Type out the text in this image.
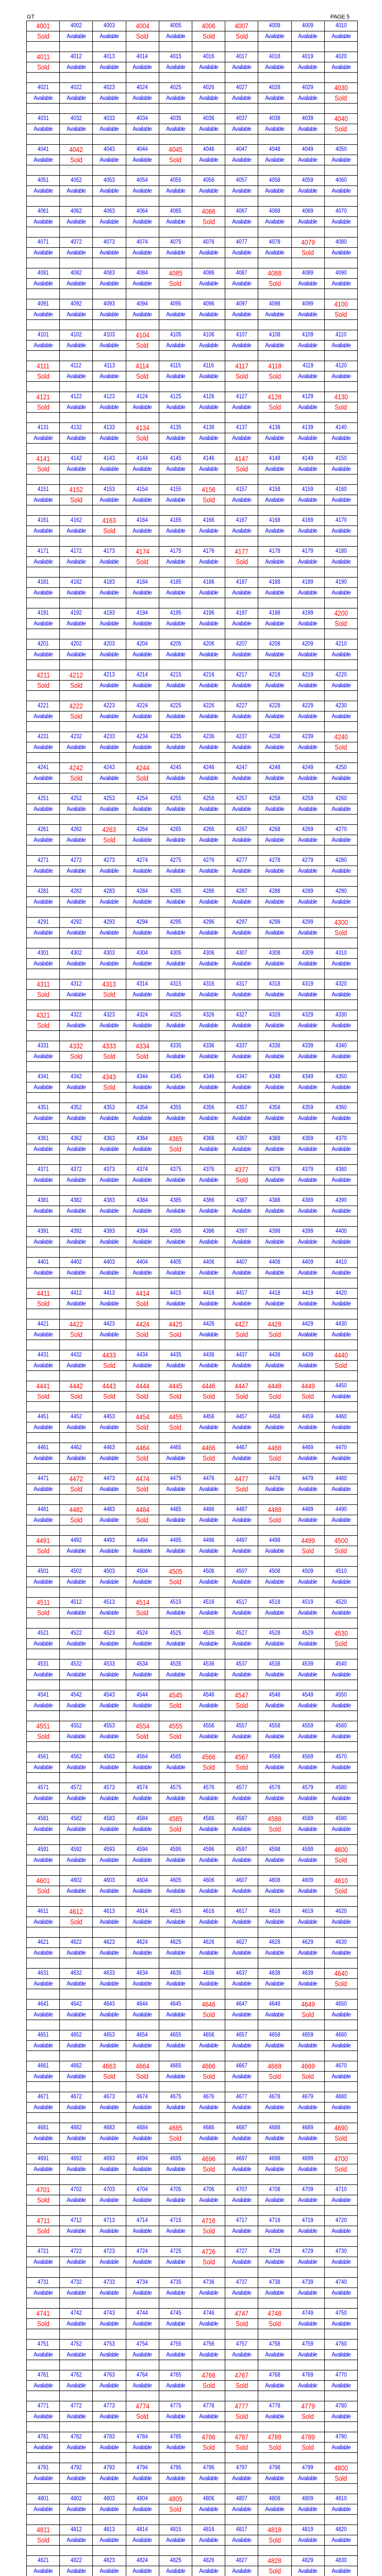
GT	PAGE 5
4001	4002	4003	4004	4005	4006	4007	4008	4009	4010
Sold	Available	Available	Sold	Available	Sold	Sold	Available	Available	Available

4011	4012	4013	4014	4015	4016	4017	4018	4019	4020
Sold	Available	Available	Available	Available	Available	Available	Available	Available	Available

4021	4022	4023	4024	4025	4026	4027	4028	4029	4030
Available	Available	Available	Available	Available	Available	Available	Available	Available	Sold

4031	4032	4033	4034	4035	4036	4037	4038	4039	4040
Available	Available	Available	Available	Available	Available	Available	Available	Available	Sold

4041	4042	4043	4044	4045	4046	4047	4048	4049	4050
Available	Sold	Available	Available	Sold	Available	Available	Available	Available	Available

4051	4052	4053	4054	4055	4056	4057	4058	4059	4060
Available	Available	Available	Available	Available	Available	Available	Available	Available	Available

4061	4062	4063	4064	4065	4066	4067	4068	4069	4070
Available	Available	Available	Available	Available	Sold	Available	Available	Available	Available

4071	4072	4073	4074	4075	4076	4077	4078	4079	4080
Available	Available	Available	Available	Available	Available	Available	Available	Sold	Available

4081	4082	4083	4084	4085	4086	4087	4088	4089	4090
Available	Available	Available	Available	Sold	Available	Available	Sold	Available	Available

4091	4092	4093	4094	4095	4096	4097	4098	4099	4100
Available	Available	Available	Available	Available	Available	Available	Available	Available	Sold

4101	4102	4103	4104	4105	4106	4107	4108	4109	4110
Available	Available	Available	Sold	Available	Available	Available	Available	Available	Available

4111	4112	4113	4114	4115	4116	4117	4118	4119	4120
Sold	Available	Available	Sold	Available	Available	Sold	Sold	Available	Available

4121	4122	4123	4124	4125	4126	4127	4128	4129	4130
Sold	Available	Available	Available	Available	Available	Available	Sold	Available	Sold

4131	4132	4133	4134	4135	4136	4137	4138	4139	4140
Available	Available	Available	Sold	Available	Available	Available	Available	Available	Available

4141	4142	4143	4144	4145	4146	4147	4148	4149	4150
Sold	Available	Available	Available	Available	Available	Sold	Available	Available	Available

4151	4152	4153	4154	4155	4156	4157	4158	4159	4160
Available	Sold	Available	Available	Available	Sold	Available	Available	Available	Available

4161	4162	4163	4164	4165	4166	4167	4168	4169	4170
Available	Available	Sold	Available	Available	Available	Available	Available	Available	Available

4171	4172	4173	4174	4175	4176	4177	4178	4179	4180
Available	Available	Available	Sold	Available	Available	Sold	Available	Available	Available

4181	4182	4183	4184	4185	4186	4187	4188	4189	4190
Available	Available	Available	Available	Available	Available	Available	Available	Available	Available

4191	4192	4193	4194	4195	4196	4197	4198	4199	4200
Available	Available	Available	Available	Available	Available	Available	Available	Available	Sold

4201	4202	4203	4204	4205	4206	4207	4208	4209	4210
Available	Available	Available	Available	Available	Available	Available	Available	Available	Available

4211	4212	4213	4214	4215	4216	4217	4218	4219	4220
Sold	Sold	Available	Available	Available	Available	Available	Available	Available	Available

4221	4222	4223	4224	4225	4226	4227	4228	4229	4230
Available	Sold	Available	Available	Available	Available	Available	Available	Available	Available

4231	4232	4233	4234	4235	4236	4237	4238	4239	4240
Available	Available	Available	Available	Available	Available	Available	Available	Available	Sold

4241	4242	4243	4244	4245	4246	4247	4248	4249	4250
Available	Sold	Available	Sold	Available	Available	Available	Available	Available	Available

4251	4252	4253	4254	4255	4256	4257	4258	4259	4260
Available	Available	Available	Available	Available	Available	Available	Available	Available	Available

4261	4262	4263	4264	4265	4266	4267	4268	4269	4270
Available	Available	Sold	Available	Available	Available	Available	Available	Available	Available

4271	4272	4273	4274	4275	4276	4277	4278	4279	4280
Available	Available	Available	Available	Available	Available	Available	Available	Available	Available

4281	4282	4283	4284	4285	4286	4287	4288	4289	4290
Available	Available	Available	Available	Available	Available	Available	Available	Available	Available

4291	4292	4293	4294	4295	4296	4297	4298	4299	4300
Available	Available	Available	Available	Available	Available	Available	Available	Available	Sold

4301	4302	4303	4304	4305	4306	4307	4308	4309	4310
Available	Available	Available	Available	Available	Available	Available	Available	Available	Available

4311	4312	4313	4314	4315	4316	4317	4318	4319	4320
Sold	Available	Sold	Available	Available	Available	Available	Available	Available	Available

4321	4322	4323	4324	4325	4326	4327	4328	4329	4330
Sold	Available	Available	Available	Available	Available	Available	Available	Available	Available

4331	4332	4333	4334	4335	4336	4337	4338	4339	4340
Available	Sold	Sold	Sold	Available	Available	Available	Available	Available	Available

4341	4342	4343	4344	4345	4346	4347	4348	4349	4350
Available	Available	Sold	Available	Available	Available	Available	Available	Available	Available

4351	4352	4353	4354	4355	4356	4357	4358	4359	4360
Available	Available	Available	Available	Available	Available	Available	Available	Available	Available

4361	4362	4363	4364	4365	4366	4367	4368	4369	4370
Available	Available	Available	Available	Sold	Available	Available	Available	Available	Available

4371	4372	4373	4374	4375	4376	4377	4378	4379	4380
Available	Available	Available	Available	Available	Available	Sold	Available	Available	Available

4381	4382	4383	4384	4385	4386	4387	4388	4389	4390
Available	Available	Available	Available	Available	Available	Available	Available	Available	Available

4391	4392	4393	4394	4395	4396	4397	4398	4399	4400
Available	Available	Available	Available	Available	Available	Available	Available	Available	Available

4401	4402	4403	4404	4405	4406	4407	4408	4409	4410
Available	Available	Available	Available	Available	Available	Available	Available	Available	Available

4411	4412	4413	4414	4415	4416	4417	4418	4419	4420
Sold	Available	Available	Sold	Available	Available	Available	Available	Available	Available

4421	4422	4423	4424	4425	4426	4427	4428	4429	4430
Available	Sold	Available	Sold	Sold	Available	Sold	Sold	Available	Available

4431	4432	4433	4434	4435	4436	4437	4438	4439	4440
Available	Available	Sold	Available	Available	Available	Available	Available	Available	Sold

4441	4442	4443	4444	4445	4446	4447	4448	4449	4450
Sold	Sold	Sold	Sold	Sold	Sold	Sold	Sold	Sold	Available

4451	4452	4453	4454	4455	4456	4457	4458	4459	4460
Available	Available	Available	Sold	Sold	Available	Available	Available	Available	Available

4461	4462	4463	4464	4465	4466	4467	4468	4469	4470
Available	Available	Available	Sold	Available	Sold	Available	Sold	Available	Available

4471	4472	4473	4474	4475	4476	4477	4478	4479	4480
Available	Sold	Available	Sold	Available	Available	Sold	Available	Available	Available

4481	4482	4483	4484	4485	4486	4487	4488	4489	4490
Available	Sold	Available	Sold	Available	Available	Available	Sold	Available	Available

4491	4492	4493	4494	4495	4496	4497	4498	4499	4500
Sold	Available	Available	Available	Available	Available	Available	Available	Sold	Sold

4501	4502	4503	4504	4505	4506	4507	4508	4509	4510
Available	Available	Available	Available	Sold	Available	Available	Available	Available	Available

4511	4512	4513	4514	4515	4516	4517	4518	4519	4520
Sold	Available	Available	Sold	Available	Available	Available	Available	Available	Available

4521	4522	4523	4524	4525	4526	4527	4528	4529	4530
Available	Available	Available	Available	Available	Available	Available	Available	Available	Sold

4531	4532	4533	4534	4535	4536	4537	4538	4539	4540
Available	Available	Available	Available	Available	Available	Available	Available	Available	Available

4541	4542	4543	4544	4545	4546	4547	4548	4549	4550
Available	Available	Available	Available	Sold	Available	Sold	Available	Available	Available

4551	4552	4553	4554	4555	4556	4557	4558	4559	4560
Sold	Available	Available	Sold	Sold	Available	Available	Available	Available	Available

4561	4562	4563	4564	4565	4566	4567	4568	4569	4570
Available	Available	Available	Available	Available	Sold	Sold	Available	Available	Available

4571	4572	4573	4574	4575	4576	4577	4578	4579	4580
Available	Available	Available	Available	Available	Available	Available	Available	Available	Available

4581	4582	4583	4584	4585	4586	4587	4588	4589	4590
Available	Available	Available	Available	Sold	Available	Available	Sold	Available	Available

4591	4592	4593	4594	4595	4596	4597	4598	4599	4600
Available	Available	Available	Available	Available	Available	Available	Available	Available	Sold

4601	4602	4603	4604	4605	4606	4607	4608	4609	4610
Sold	Available	Available	Available	Available	Available	Available	Available	Available	Sold

4611	4612	4613	4614	4615	4616	4617	4618	4619	4620
Available	Sold	Available	Available	Available	Available	Available	Available	Available	Available

4621	4622	4623	4624	4625	4626	4627	4628	4629	4630
Available	Available	Available	Available	Available	Available	Available	Available	Available	Available

4631	4632	4633	4634	4635	4636	4637	4638	4639	4640
Available	Available	Available	Available	Available	Available	Available	Available	Available	Sold

4641	4642	4643	4644	4645	4646	4647	4648	4649	4650
Available	Available	Available	Available	Available	Sold	Available	Available	Sold	Available

4651	4652	4653	4654	4655	4656	4657	4658	4659	4660
Available	Available	Available	Available	Available	Available	Available	Available	Available	Available

4661	4662	4663	4664	4665	4666	4667	4668	4669	4670
Available	Available	Sold	Sold	Available	Sold	Available	Sold	Sold	Available

4671	4672	4673	4674	4675	4676	4677	4678	4679	4680
Available	Available	Available	Available	Available	Available	Available	Available	Available	Available

4681	4682	4683	4684	4685	4686	4687	4688	4689	4690
Available	Available	Available	Available	Sold	Available	Available	Available	Available	Sold

4691	4692	4693	4694	4695	4696	4697	4698	4699	4700
Available	Available	Available	Available	Available	Sold	Available	Available	Available	Sold

4701	4702	4703	4704	4705	4706	4707	4708	4709	4710
Sold	Available	Available	Available	Available	Available	Available	Available	Available	Available

4711	4712	4713	4714	4715	4716	4717	4718	4719	4720
Sold	Available	Available	Available	Available	Sold	Available	Available	Available	Available

4721	4722	4723	4724	4725	4726	4727	4728	4729	4730
Available	Available	Available	Available	Available	Sold	Available	Available	Available	Available

4731	4732	4733	4734	4735	4736	4737	4738	4739	4740
Available	Available	Available	Available	Available	Available	Available	Available	Available	Available

4741	4742	4743	4744	4745	4746	4747	4748	4749	4750
Sold	Available	Available	Available	Available	Available	Sold	Sold	Available	Available

4751	4752	4753	4754	4755	4756	4757	4758	4759	4760
Available	Available	Available	Available	Available	Available	Available	Available	Available	Available

4761	4762	4763	4764	4765	4766	4767	4768	4769	4770
Available	Available	Available	Available	Available	Sold	Sold	Available	Available	Available

4771	4772	4773	4774	4775	4776	4777	4778	4779	4780
Available	Available	Available	Sold	Available	Available	Sold	Available	Sold	Available

4781	4782	4783	4784	4785	4786	4787	4788	4789	4790
Available	Available	Available	Available	Available	Sold	Sold	Sold	Sold	Available

4791	4792	4793	4794	4795	4796	4797	4798	4799	4800
Available	Available	Available	Available	Available	Available	Available	Available	Available	Sold

4801	4802	4803	4804	4805	4806	4807	4808	4809	4810
Available	Available	Available	Available	Sold	Available	Available	Available	Available	Available

4811	4812	4813	4814	4815	4816	4817	4818	4819	4820
Sold	Available	Available	Available	Available	Available	Available	Sold	Available	Available

4821	4822	4823	4824	4825	4826	4827	4828	4829	4830
Available	Available	Available	Available	Available	Available	Available	Sold	Available	Available
